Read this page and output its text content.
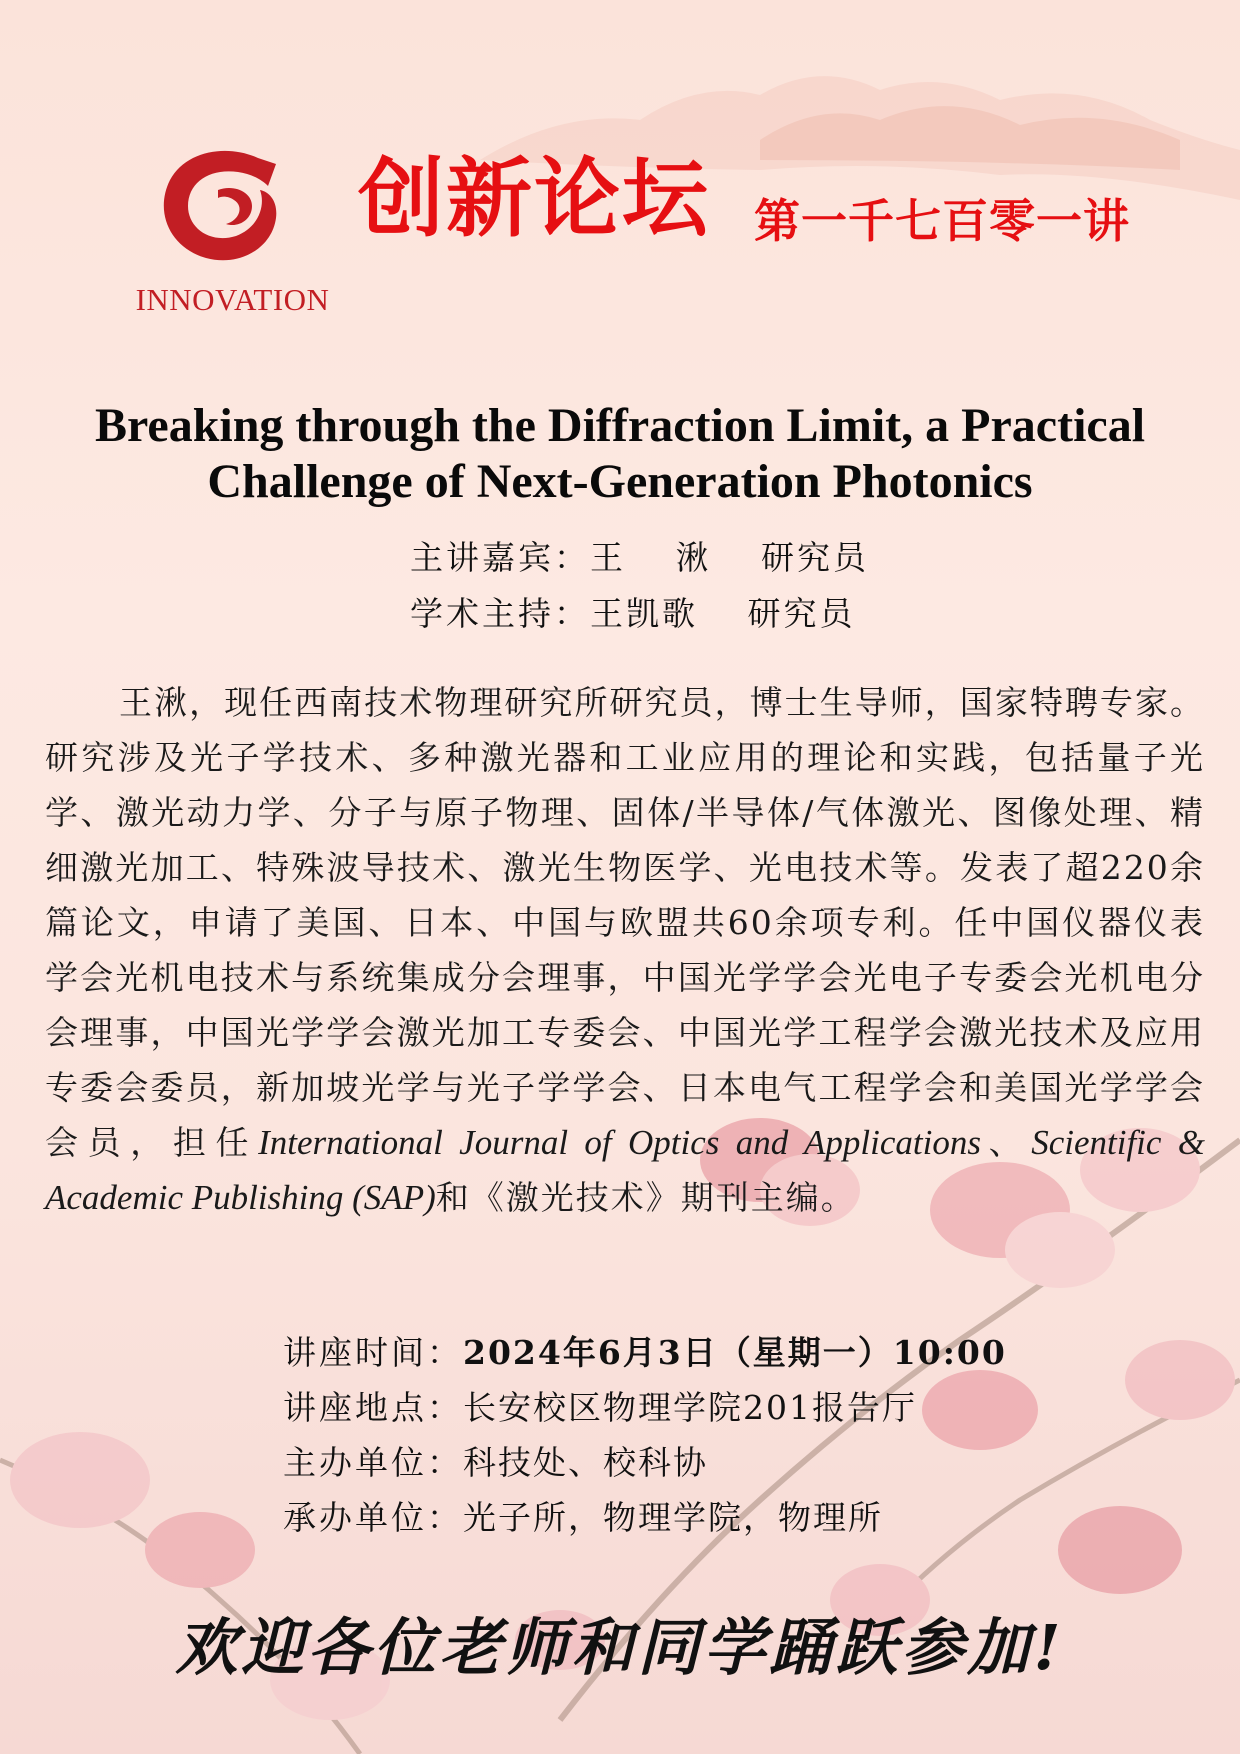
INNOVATION
创新论坛 第一千七百零一讲
Breaking through the Diffraction Limit, a Practical
Challenge of Next-Generation Photonics
主讲嘉宾：王　 湫　 研究员
学术主持：王凯歌　 研究员
王湫，现任西南技术物理研究所研究员，博士生导师，国家特聘专家。研究涉及光子学技术、多种激光器和工业应用的理论和实践，包括量子光学、激光动力学、分子与原子物理、固体/半导体/气体激光、图像处理、精细激光加工、特殊波导技术、激光生物医学、光电技术等。发表了超220余篇论文，申请了美国、日本、中国与欧盟共60余项专利。任中国仪器仪表学会光机电技术与系统集成分会理事，中国光学学会光电子专委会光机电分会理事，中国光学学会激光加工专委会、中国光学工程学会激光技术及应用专委会委员，新加坡光学与光子学学会、日本电气工程学会和美国光学学会会员，担任International Journal of Optics and Applications、Scientific & Academic Publishing (SAP)和《激光技术》期刊主编。
讲座时间：2024年6月3日（星期一）10:00
讲座地点：长安校区物理学院201报告厅
主办单位：科技处、校科协
承办单位：光子所，物理学院，物理所
欢迎各位老师和同学踊跃参加!
